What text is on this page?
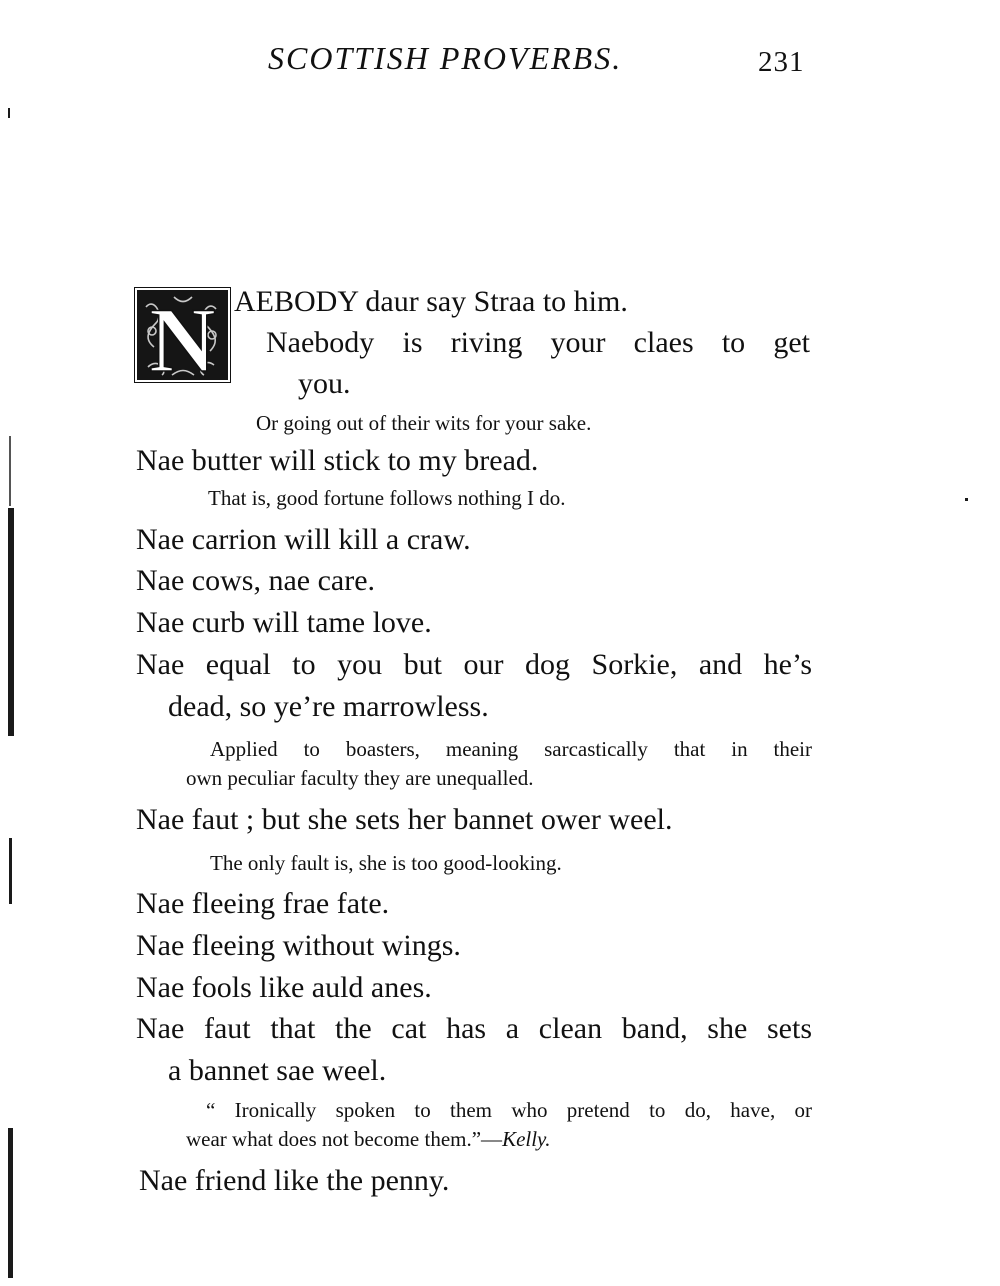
SCOTTISH PROVERBS.	231
N AEBODY daur say Straa to him.
Naebody is riving your claes to get
you.
Or going out of their wits for your sake.
Nae butter will stick to my bread.
That is, good fortune follows nothing I do.
Nae carrion will kill a craw.
Nae cows, nae care.
Nae curb will tame love.
Nae equal to you but our dog Sorkie, and he’s
dead, so ye’re marrowless.
Applied to boasters, meaning sarcastically that in their
own peculiar faculty they are unequalled.
Nae faut ; but she sets her bannet ower weel.
The only fault is, she is too good-looking.
Nae fleeing frae fate.
Nae fleeing without wings.
Nae fools like auld anes.
Nae faut that the cat has a clean band, she sets
a bannet sae weel.
“ Ironically spoken to them who pretend to do, have, or
wear what does not become them.”—Kelly.
Nae friend like the penny.
